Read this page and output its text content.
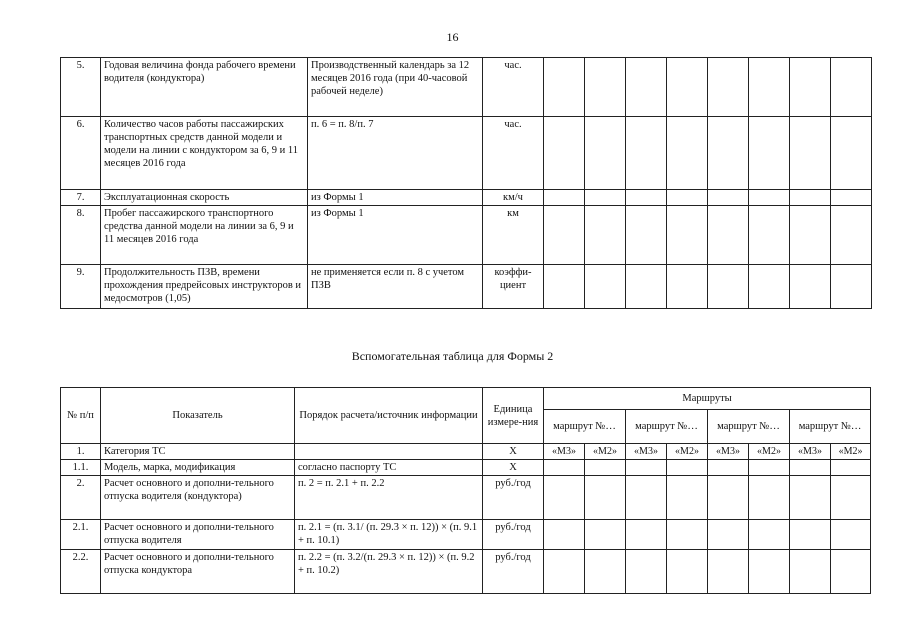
16
5.	Годовая величина фонда рабочего времени водителя (кондуктора)	Производственный календарь за 12 месяцев 2016 года (при 40-часовой рабочей неделе)	час.								
6.	Количество часов работы пассажирских транспортных средств данной модели и модели на линии с кондуктором за 6, 9 и 11 месяцев 2016 года	п. 6 = п. 8/п. 7	час.								
7.	Эксплуатационная скорость	из Формы 1	км/ч								
8.	Пробег пассажирского транспортного средства данной модели на линии за 6, 9 и 11 месяцев 2016 года	из Формы 1	км								
9.	Продолжительность ПЗВ, времени прохождения предрейсовых инструкторов и медосмотров (1,05)	не применяется если п. 8 с учетом ПЗВ	коэффи-циент								
Вспомогательная таблица для Формы 2
№ п/п	Показатель	Порядок расчета/источник информации	Единица измере-ния	Маршруты							
				маршрут №…		маршрут №…		маршрут №…		маршрут №…	
1.	Категория ТС		Х	«М3»	«М2»	«М3»	«М2»	«М3»	«М2»	«М3»	«М2»
1.1.	Модель, марка, модификация	согласно паспорту ТС	Х								
2.	Расчет основного и дополни-тельного отпуска водителя (кондуктора)	п. 2 = п. 2.1 + п. 2.2	руб./год								
2.1.	Расчет основного и дополни-тельного отпуска водителя	п. 2.1 = (п. 3.1/ (п. 29.3 × п. 12)) × (п. 9.1 + п. 10.1)	руб./год								
2.2.	Расчет основного и дополни-тельного отпуска кондуктора	п. 2.2 = (п. 3.2/(п. 29.3 × п. 12)) × (п. 9.2 + п. 10.2)	руб./год								
